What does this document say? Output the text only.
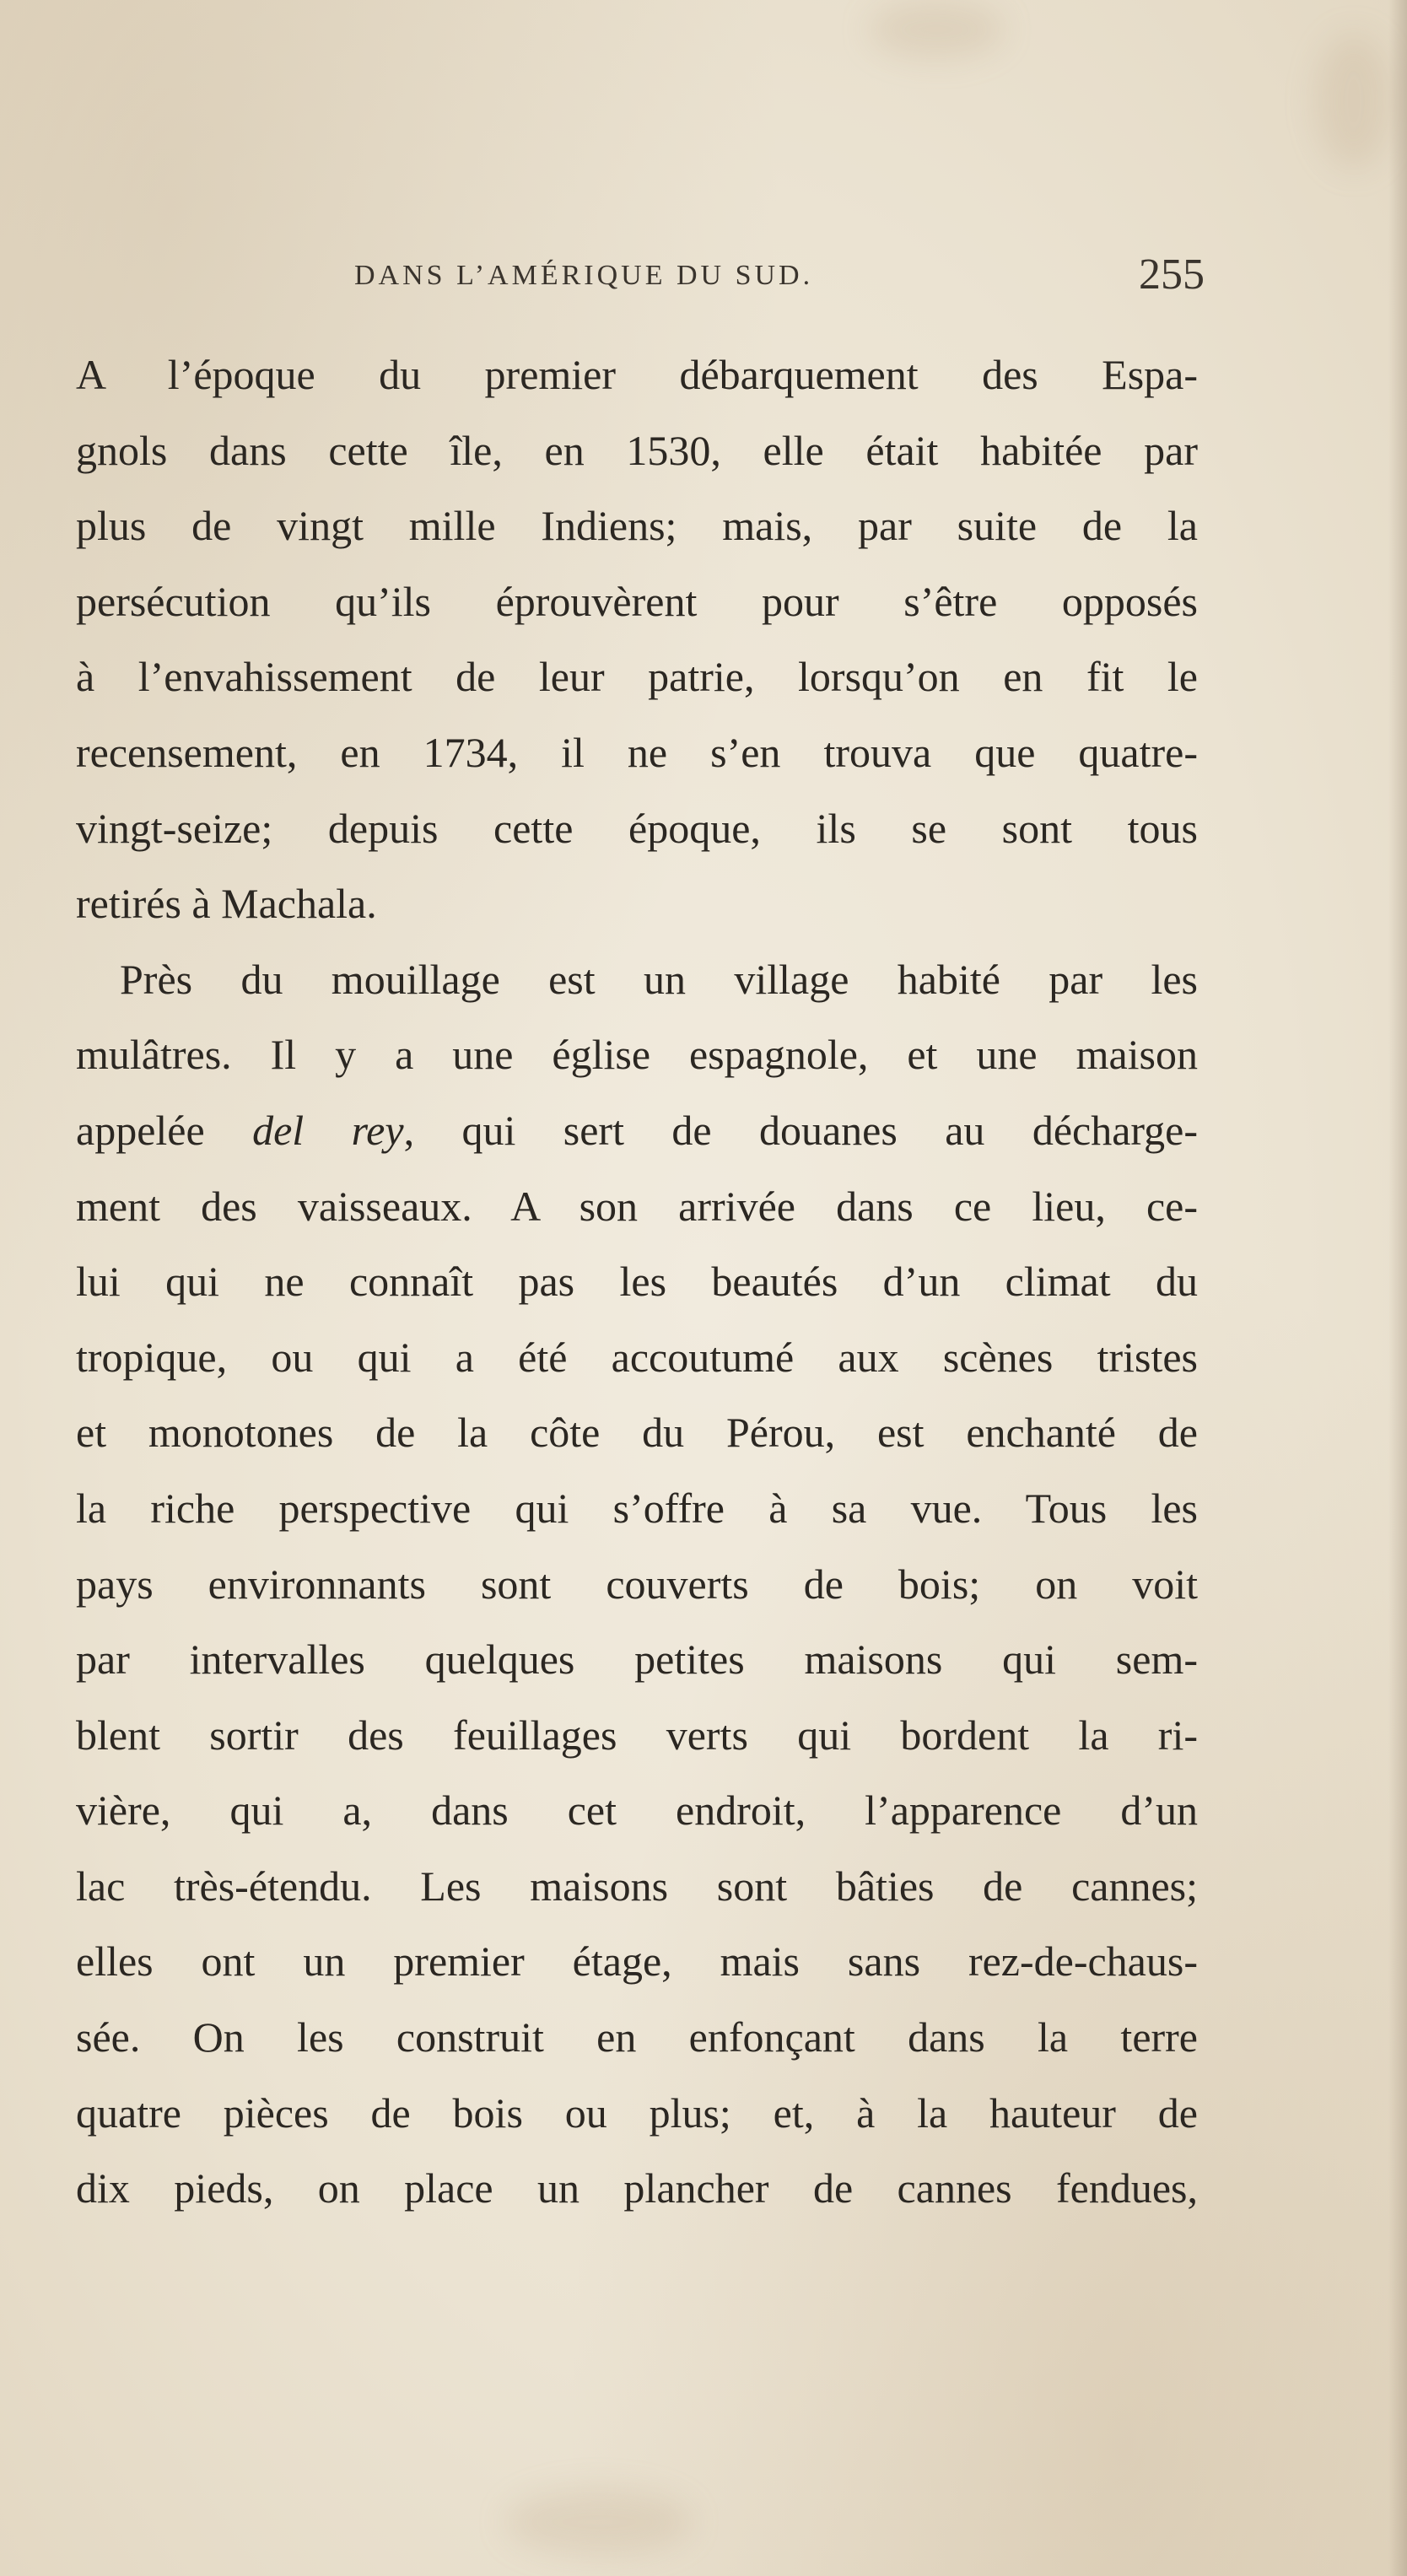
DANS L’AMÉRIQUE DU SUD.	255
A l’époque du premier débarquement des Espa-
gnols dans cette île, en 1530, elle était habitée par
plus de vingt mille Indiens; mais, par suite de la
persécution qu’ils éprouvèrent pour s’être opposés
à l’envahissement de leur patrie, lorsqu’on en fit le
recensement, en 1734, il ne s’en trouva que quatre-
vingt-seize; depuis cette époque, ils se sont tous
retirés à Machala.
Près du mouillage est un village habité par les
mulâtres. Il y a une église espagnole, et une maison
appelée del rey, qui sert de douanes au décharge-
ment des vaisseaux. A son arrivée dans ce lieu, ce-
lui qui ne connaît pas les beautés d’un climat du
tropique, ou qui a été accoutumé aux scènes tristes
et monotones de la côte du Pérou, est enchanté de
la riche perspective qui s’offre à sa vue. Tous les
pays environnants sont couverts de bois; on voit
par intervalles quelques petites maisons qui sem-
blent sortir des feuillages verts qui bordent la ri-
vière, qui a, dans cet endroit, l’apparence d’un
lac très-étendu. Les maisons sont bâties de cannes;
elles ont un premier étage, mais sans rez-de-chaus-
sée. On les construit en enfonçant dans la terre
quatre pièces de bois ou plus; et, à la hauteur de
dix pieds, on place un plancher de cannes fendues,
